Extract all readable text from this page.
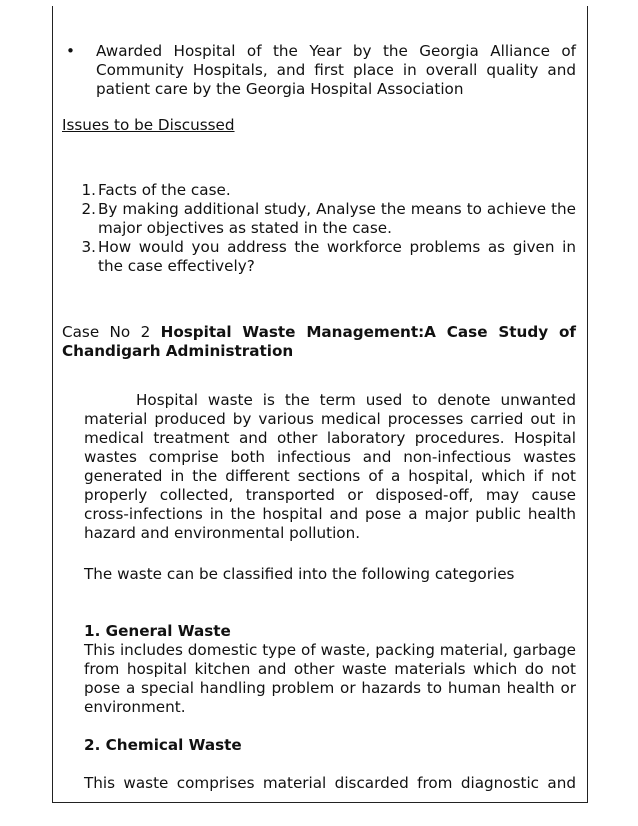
•	Awarded Hospital of the Year by the Georgia Alliance of Community Hospitals, and first place in overall quality and patient care by the Georgia Hospital Association
Issues to be Discussed
1. Facts of the case.
2. By making additional study, Analyse the means to achieve the major objectives as stated in the case.
3. How would you address the workforce problems as given in the case effectively?
Case No 2 Hospital Waste Management:A Case Study of Chandigarh Administration
Hospital waste is the term used to denote unwanted material produced by various medical processes carried out in medical treatment and other laboratory procedures. Hospital wastes comprise both infectious and non-infectious wastes generated in the different sections of a hospital, which if not properly collected, transported or disposed-off, may cause cross-infections in the hospital and pose a major public health hazard and environmental pollution.
The waste can be classified into the following categories
1. General Waste
This includes domestic type of waste, packing material, garbage from hospital kitchen and other waste materials which do not pose a special handling problem or hazards to human health or environment.
2. Chemical Waste
This waste comprises material discarded from diagnostic and
